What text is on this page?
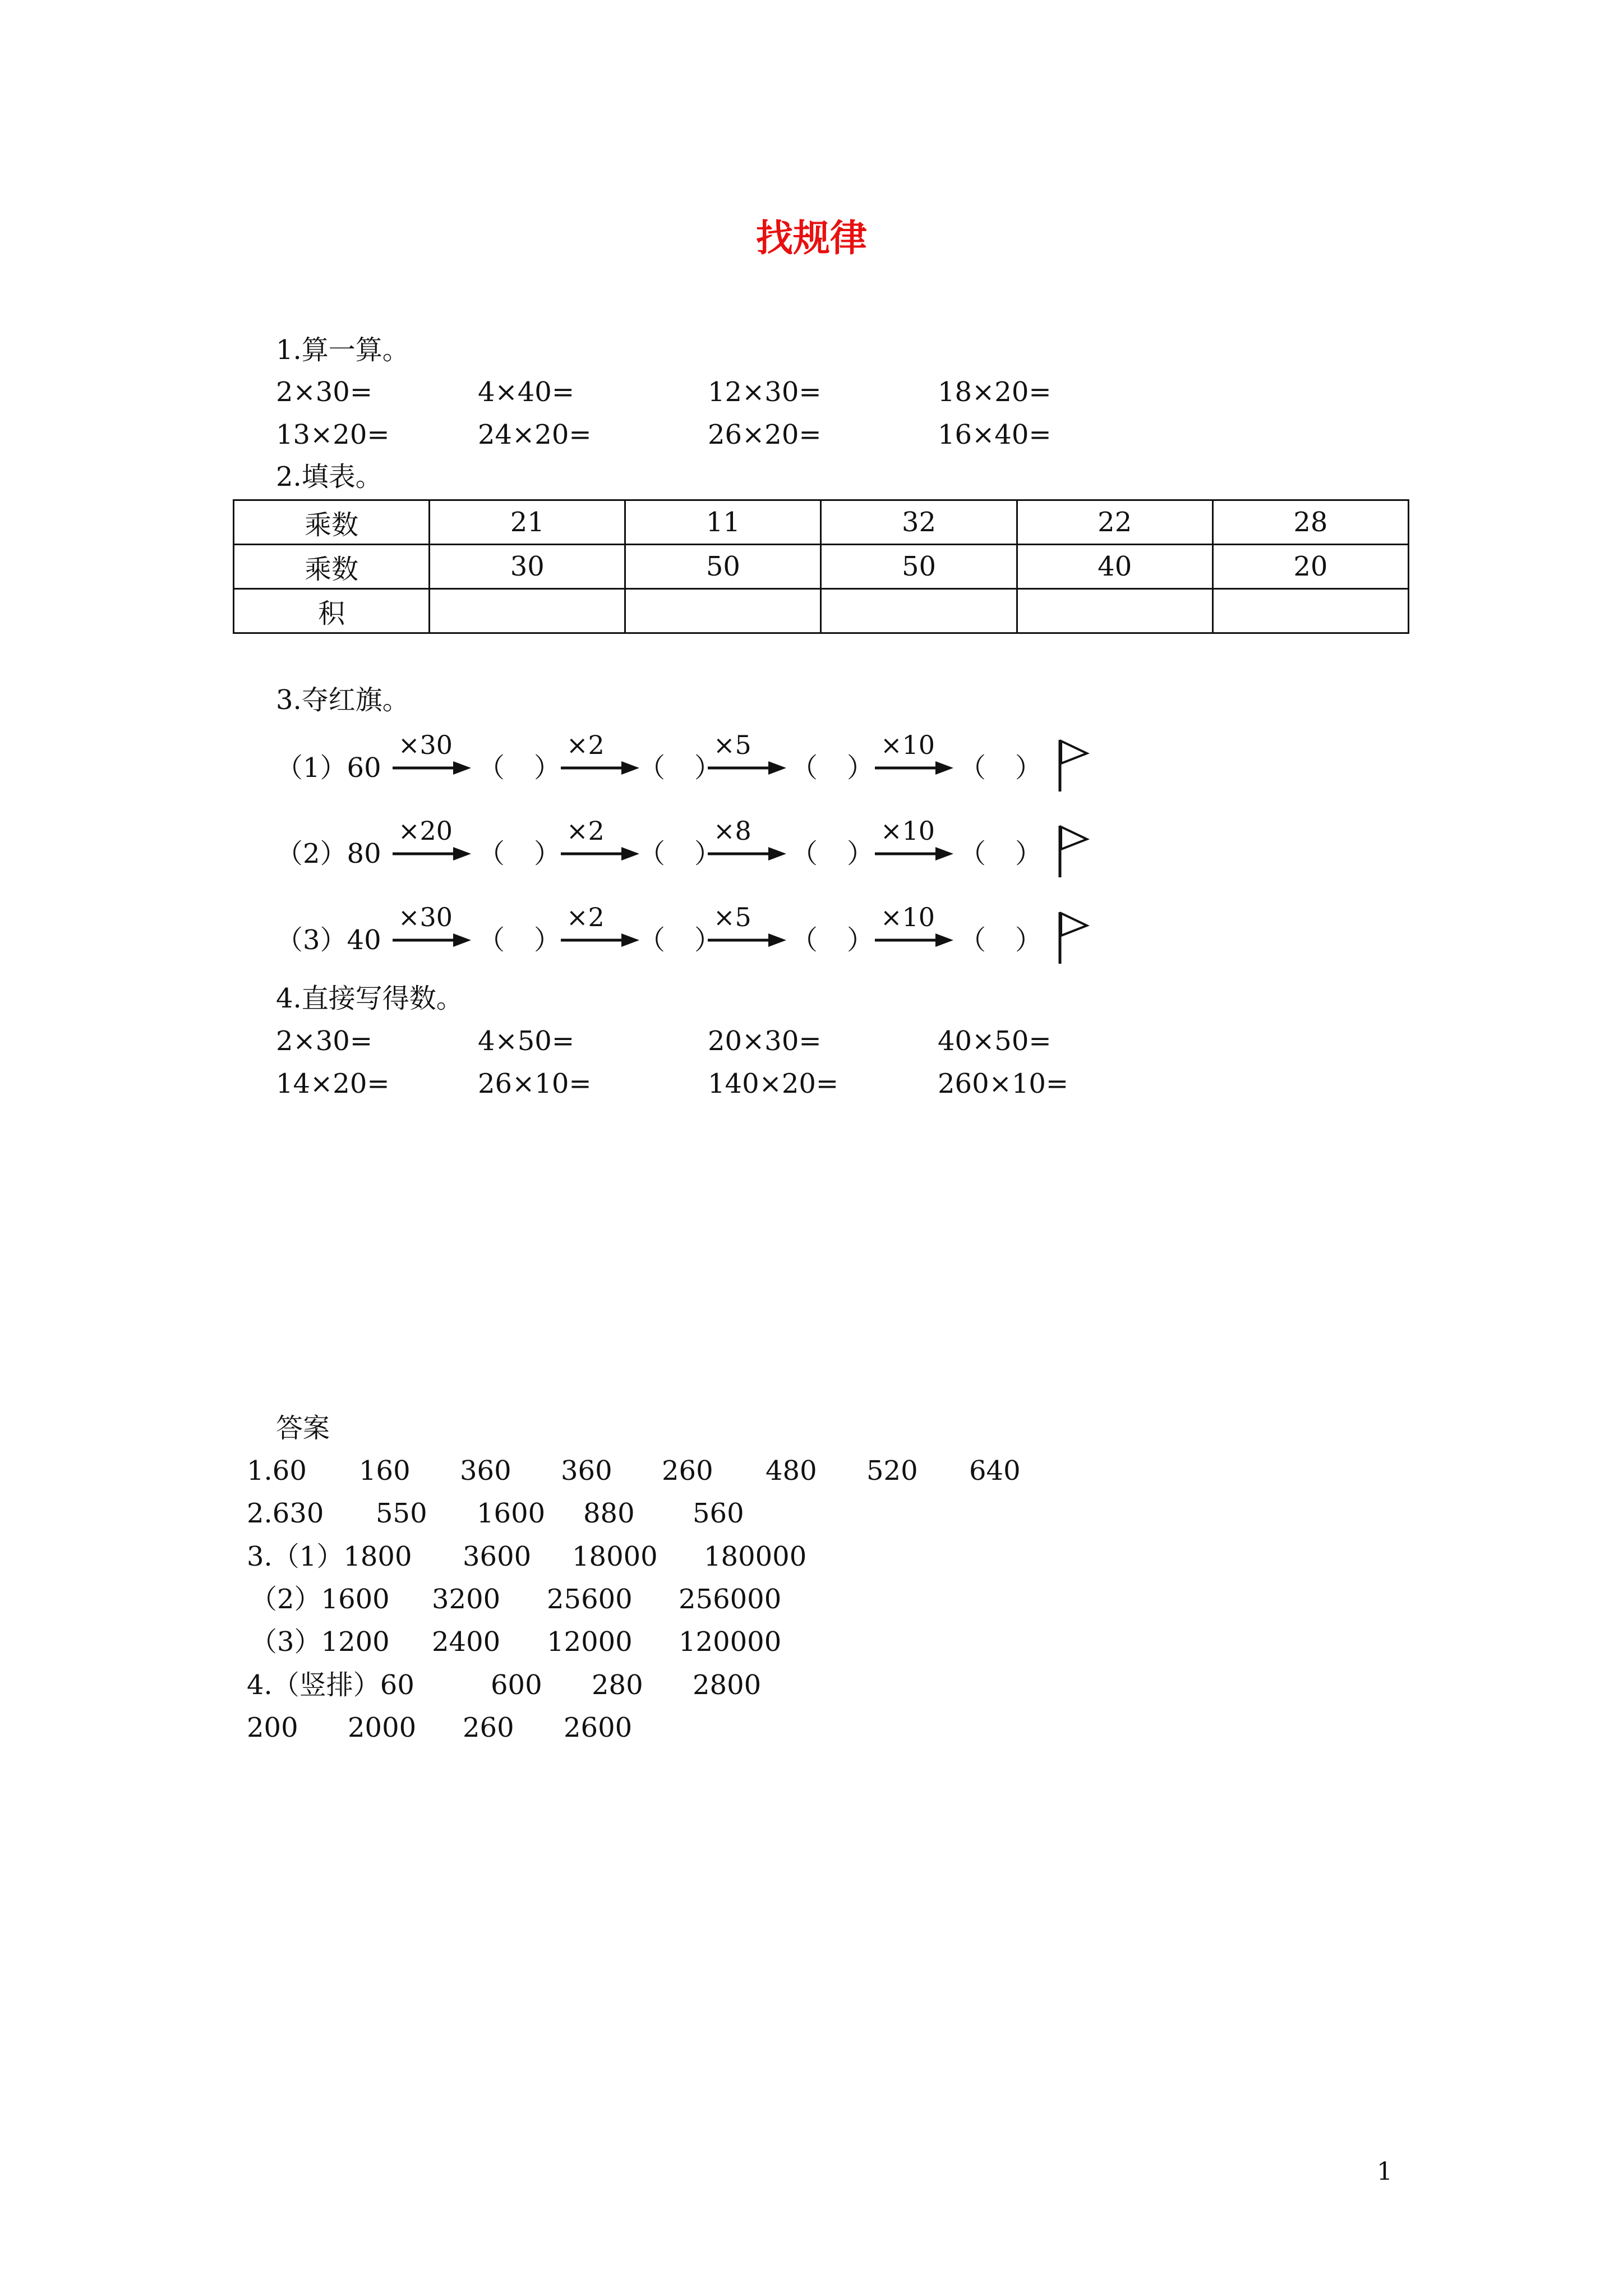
找规律
1.算一算。
2×30=	4×40=	12×30=	18×20=
13×20=	24×20=	26×20=	16×40=
2.填表。
乘数	21	11	32	22	28
乘数	30	50	50	40	20
积					
3.夺红旗。
（1）60
×30
（ ）
×2
（ ）
×5
（ ）
×10
（ ）
（2）80
×20
（ ）
×2
（ ）
×8
（ ）
×10
（ ）
（3）40
×30
（ ）
×2
（ ）
×5
（ ）
×10
（ ）
4.直接写得数。
2×30=	4×50=	20×30=	40×50=
14×20=	26×10=	140×20=	260×10=
答案
1.60 160 360 360 260 480 520 640
2.630 550 1600 880 560
3.（1）1800 3600 18000 180000
（2）1600 3200 25600 256000
（3）1200 2400 12000 120000
4.（竖排）60	600 280 2800
200 2000 260 2600
1
